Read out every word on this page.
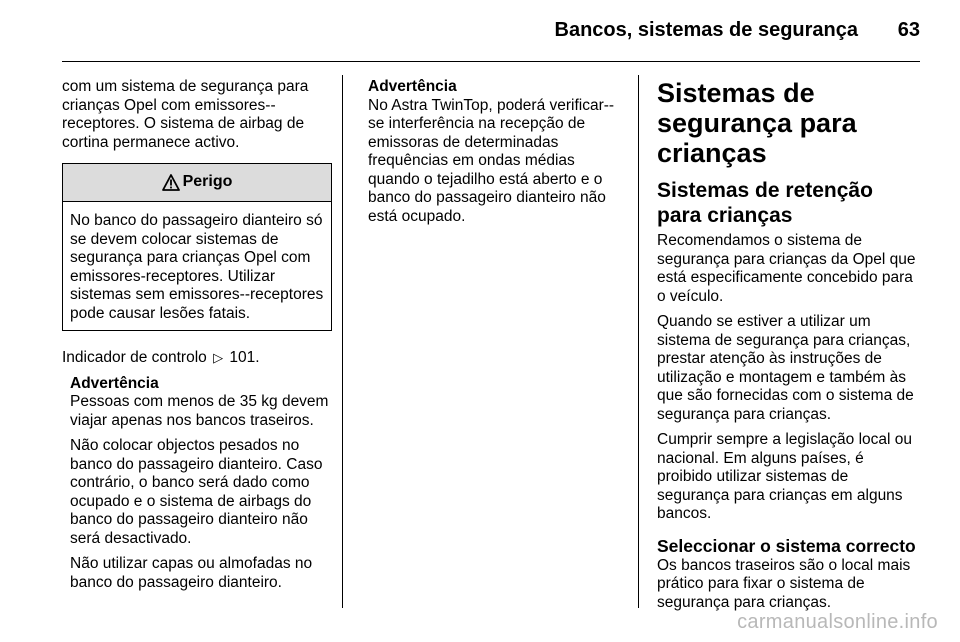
Bancos, sistemas de segurança 63

com um sistema de segurança para crianças Opel com emissores--receptores. O sistema de airbag de cortina permanece activo.

Perigo
No banco do passageiro dianteiro só se devem colocar sistemas de segurança para crianças Opel com emissores-receptores. Utilizar sistemas sem emissores--receptores pode causar lesões fatais.

Indicador de controlo ▷ 101.

Advertência
Pessoas com menos de 35 kg devem viajar apenas nos bancos traseiros.

Não colocar objectos pesados no banco do passageiro dianteiro. Caso contrário, o banco será dado como ocupado e o sistema de airbags do banco do passageiro dianteiro não será desactivado.

Não utilizar capas ou almofadas no banco do passageiro dianteiro.

Advertência
No Astra TwinTop, poderá verificar--se interferência na recepção de emissoras de determinadas frequências em ondas médias quando o tejadilho está aberto e o banco do passageiro dianteiro não está ocupado.

Sistemas de segurança para crianças
Sistemas de retenção para crianças

Recomendamos o sistema de segurança para crianças da Opel que está especificamente concebido para o veículo.

Quando se estiver a utilizar um sistema de segurança para crianças, prestar atenção às instruções de utilização e montagem e também às que são fornecidas com o sistema de segurança para crianças.

Cumprir sempre a legislação local ou nacional. Em alguns países, é proibido utilizar sistemas de segurança para crianças em alguns bancos.

Seleccionar o sistema correcto

Os bancos traseiros são o local mais prático para fixar o sistema de segurança para crianças.

carmanualsonline.info
